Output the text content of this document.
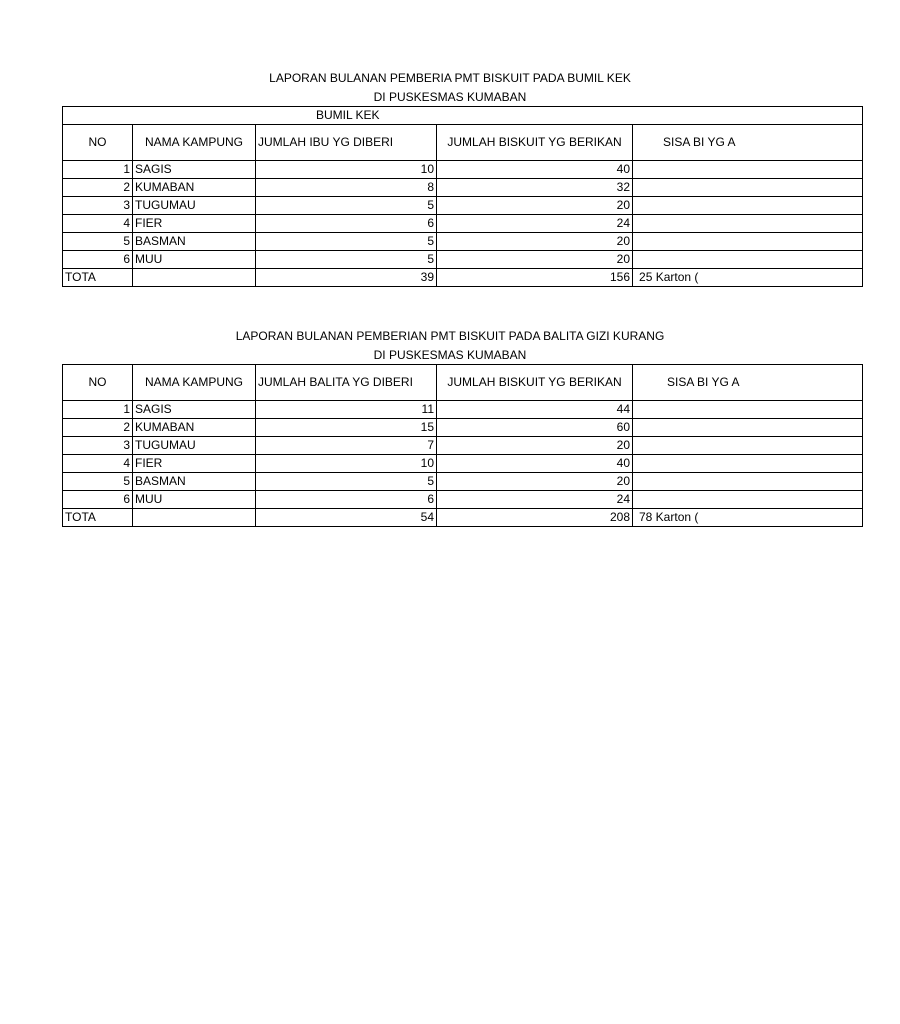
LAPORAN BULANAN PEMBERIA PMT BISKUIT PADA BUMIL KEK
DI PUSKESMAS KUMABAN
BUMIL KEK				
NO	NAMA KAMPUNG	JUMLAH IBU YG DIBERI	JUMLAH BISKUIT YG BERIKAN	SISA BI YG A
1	SAGIS	10	40	
2	KUMABAN	8	32	
3	TUGUMAU	5	20	
4	FIER	6	24	
5	BASMAN	5	20	
6	MUU	5	20	
TOTA		39	156	25 Karton (
LAPORAN BULANAN PEMBERIAN PMT BISKUIT PADA BALITA GIZI KURANG
DI PUSKESMAS KUMABAN
NO	NAMA KAMPUNG	JUMLAH BALITA YG DIBERI	JUMLAH BISKUIT YG BERIKAN	SISA BI YG A
1	SAGIS	11	44	
2	KUMABAN	15	60	
3	TUGUMAU	7	20	
4	FIER	10	40	
5	BASMAN	5	20	
6	MUU	6	24	
TOTA		54	208	78 Karton (
